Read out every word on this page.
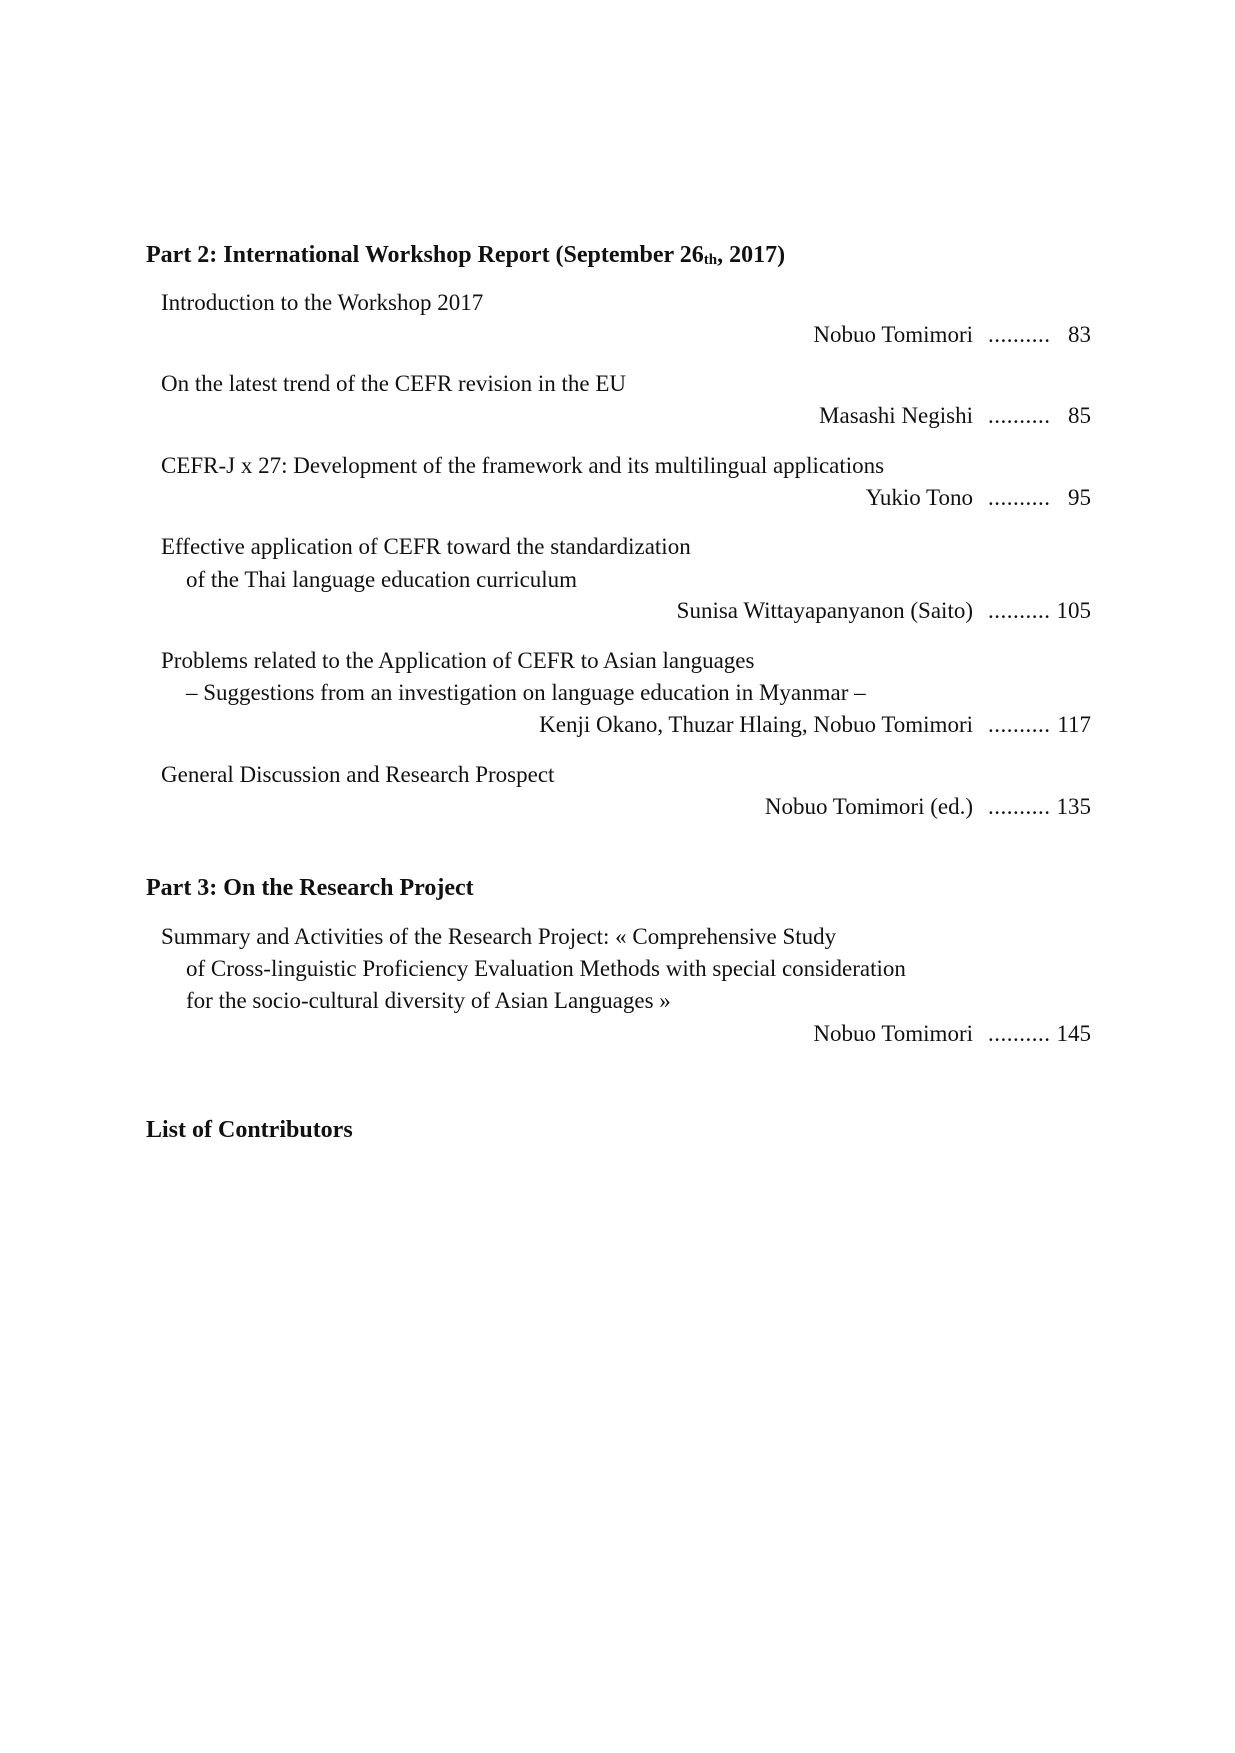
Part 2: International Workshop Report (September $26_{th}$, 2017)
Introduction to the Workshop 2017
Nobuo Tomimori .......... 83
On the latest trend of the CEFR revision in the EU
Masashi Negishi .......... 85
CEFR-J x 27: Development of the framework and its multilingual applications
Yukio Tono .......... 95
Effective application of CEFR toward the standardization
of the Thai language education curriculum
Sunisa Wittayapanyanon (Saito) .......... 105
Problems related to the Application of CEFR to Asian languages
– Suggestions from an investigation on language education in Myanmar –
Kenji Okano, Thuzar Hlaing, Nobuo Tomimori .......... 117
General Discussion and Research Prospect
Nobuo Tomimori (ed.) .......... 135
Part 3: On the Research Project
Summary and Activities of the Research Project: « Comprehensive Study
of Cross-linguistic Proficiency Evaluation Methods with special consideration
for the socio-cultural diversity of Asian Languages »
Nobuo Tomimori .......... 145
List of Contributors
